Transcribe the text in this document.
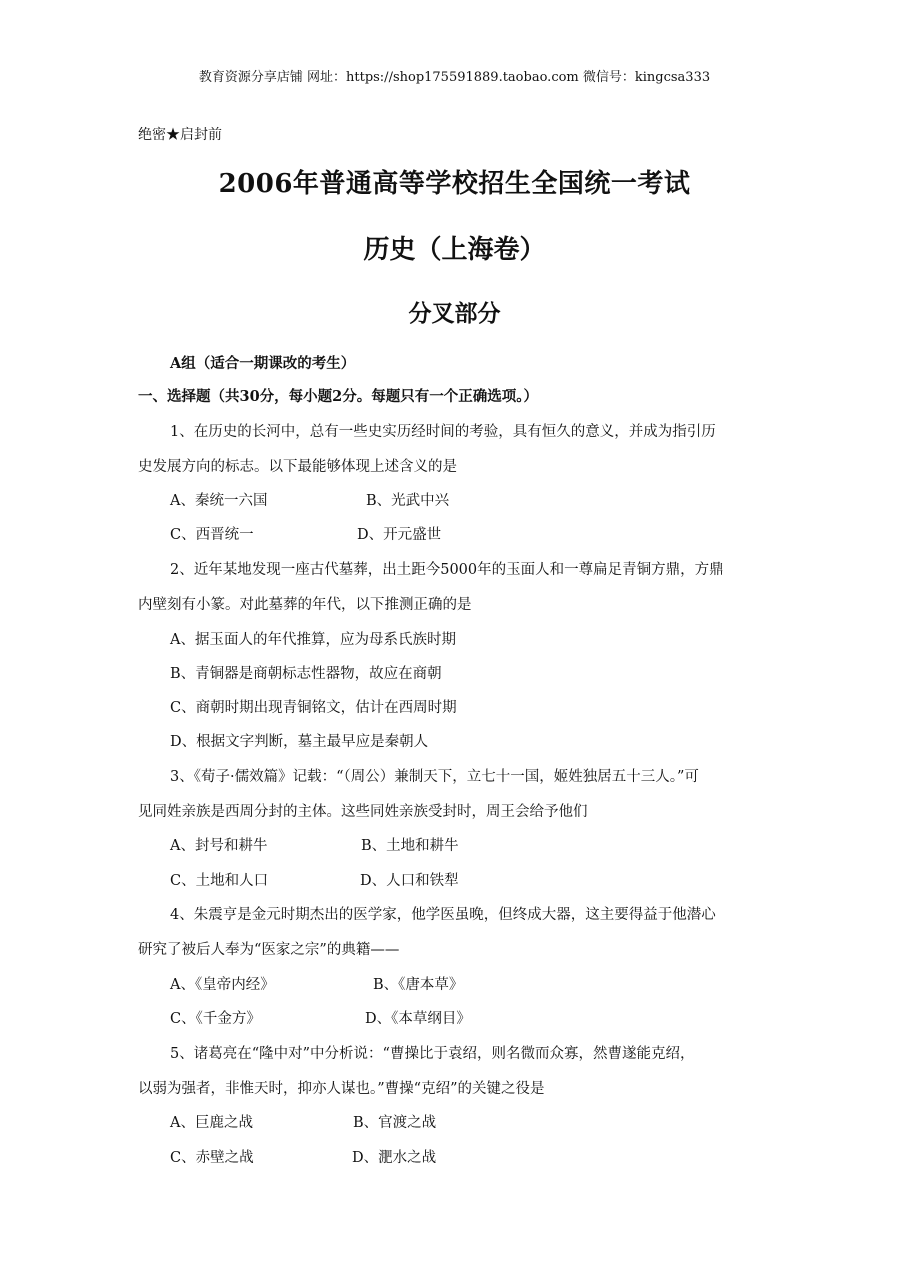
教育资源分享店铺 网址：https://shop175591889.taobao.com 微信号：kingcsa333
绝密★启封前
2006年普通高等学校招生全国统一考试
历史（上海卷）
分叉部分
A组（适合一期课改的考生）
一、选择题（共30分，每小题2分。每题只有一个正确选项。）
1、在历史的长河中，总有一些史实历经时间的考验，具有恒久的意义，并成为指引历
史发展方向的标志。以下最能够体现上述含义的是
A、秦统一六国	B、光武中兴
C、西晋统一	D、开元盛世
2、近年某地发现一座古代墓葬，出土距今5000年的玉面人和一尊扁足青铜方鼎，方鼎
内壁刻有小篆。对此墓葬的年代，以下推测正确的是
A、据玉面人的年代推算，应为母系氏族时期
B、青铜器是商朝标志性器物，故应在商朝
C、商朝时期出现青铜铭文，估计在西周时期
D、根据文字判断，墓主最早应是秦朝人
3、《荀子·儒效篇》记载：“（周公）兼制天下，立七十一国，姬姓独居五十三人。”可
见同姓亲族是西周分封的主体。这些同姓亲族受封时，周王会给予他们
A、封号和耕牛	B、土地和耕牛
C、土地和人口	D、人口和铁犁
4、朱震亨是金元时期杰出的医学家，他学医虽晚，但终成大器，这主要得益于他潜心
研究了被后人奉为“医家之宗”的典籍——
A、《皇帝内经》	B、《唐本草》
C、《千金方》	D、《本草纲目》
5、诸葛亮在“隆中对”中分析说：“曹操比于袁绍，则名微而众寡，然曹遂能克绍，
以弱为强者，非惟天时，抑亦人谋也。”曹操“克绍”的关键之役是
A、巨鹿之战	B、官渡之战
C、赤壁之战	D、淝水之战
